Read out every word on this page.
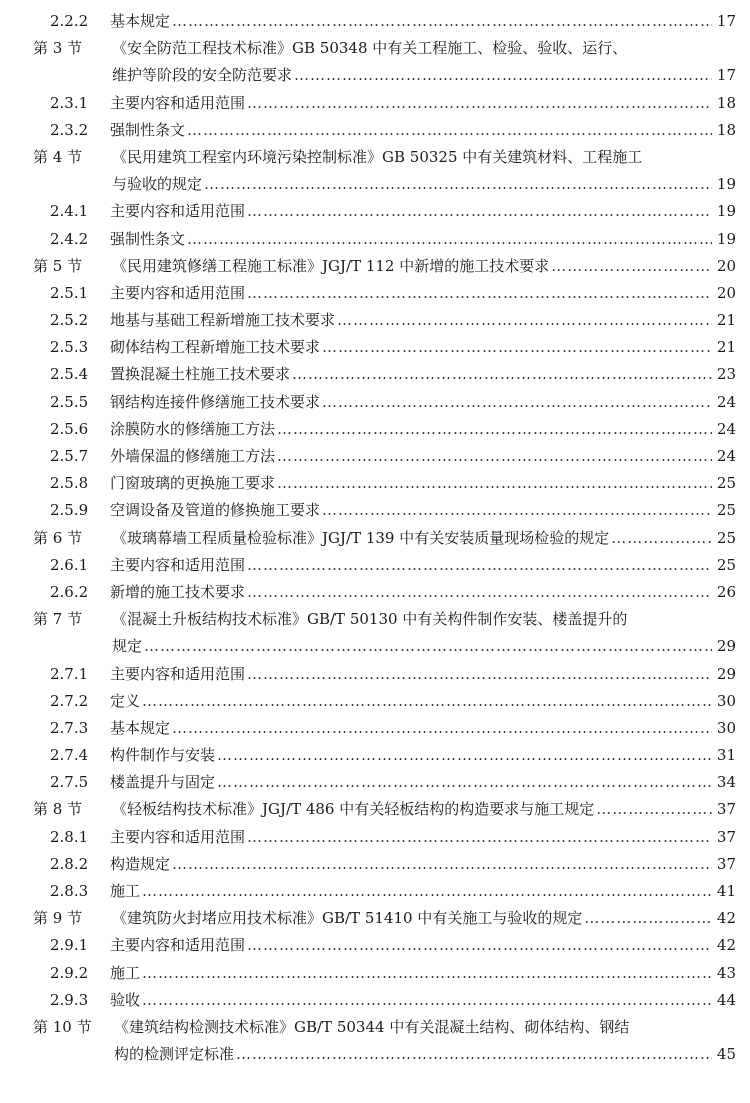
2.2.2 基本规定 ……………………………………………………………………………………………………………………………………………………………………………………………………	17
第 3 节 《安全防范工程技术标准》GB 50348 中有关工程施工、检验、验收、运行、
维护等阶段的安全防范要求 ……………………………………………………………………………………………………………………………………………………………………………………………………	17
2.3.1 主要内容和适用范围 ……………………………………………………………………………………………………………………………………………………………………………………………………	18
2.3.2 强制性条文 ……………………………………………………………………………………………………………………………………………………………………………………………………	18
第 4 节 《民用建筑工程室内环境污染控制标准》GB 50325 中有关建筑材料、工程施工
与验收的规定 ……………………………………………………………………………………………………………………………………………………………………………………………………	19
2.4.1 主要内容和适用范围 ……………………………………………………………………………………………………………………………………………………………………………………………………	19
2.4.2 强制性条文 ……………………………………………………………………………………………………………………………………………………………………………………………………	19
第 5 节 《民用建筑修缮工程施工标准》JGJ/T 112 中新增的施工技术要求 ……………………………………………………………………………………………………………………………………………………………………………………………………	20
2.5.1 主要内容和适用范围 ……………………………………………………………………………………………………………………………………………………………………………………………………	20
2.5.2 地基与基础工程新增施工技术要求 ……………………………………………………………………………………………………………………………………………………………………………………………………	21
2.5.3 砌体结构工程新增施工技术要求 ……………………………………………………………………………………………………………………………………………………………………………………………………	21
2.5.4 置换混凝土柱施工技术要求 ……………………………………………………………………………………………………………………………………………………………………………………………………	23
2.5.5 钢结构连接件修缮施工技术要求 ……………………………………………………………………………………………………………………………………………………………………………………………………	24
2.5.6 涂膜防水的修缮施工方法 ……………………………………………………………………………………………………………………………………………………………………………………………………	24
2.5.7 外墙保温的修缮施工方法 ……………………………………………………………………………………………………………………………………………………………………………………………………	24
2.5.8 门窗玻璃的更换施工要求 ……………………………………………………………………………………………………………………………………………………………………………………………………	25
2.5.9 空调设备及管道的修换施工要求 ……………………………………………………………………………………………………………………………………………………………………………………………………	25
第 6 节 《玻璃幕墙工程质量检验标准》JGJ/T 139 中有关安装质量现场检验的规定 ……………………………………………………………………………………………………………………………………………………………………………………………………	25
2.6.1 主要内容和适用范围 ……………………………………………………………………………………………………………………………………………………………………………………………………	25
2.6.2 新增的施工技术要求 ……………………………………………………………………………………………………………………………………………………………………………………………………	26
第 7 节 《混凝土升板结构技术标准》GB/T 50130 中有关构件制作安装、楼盖提升的
规定 ……………………………………………………………………………………………………………………………………………………………………………………………………	29
2.7.1 主要内容和适用范围 ……………………………………………………………………………………………………………………………………………………………………………………………………	29
2.7.2 定义 ……………………………………………………………………………………………………………………………………………………………………………………………………	30
2.7.3 基本规定 ……………………………………………………………………………………………………………………………………………………………………………………………………	30
2.7.4 构件制作与安装 ……………………………………………………………………………………………………………………………………………………………………………………………………	31
2.7.5 楼盖提升与固定 ……………………………………………………………………………………………………………………………………………………………………………………………………	34
第 8 节 《轻板结构技术标准》JGJ/T 486 中有关轻板结构的构造要求与施工规定 ……………………………………………………………………………………………………………………………………………………………………………………………………	37
2.8.1 主要内容和适用范围 ……………………………………………………………………………………………………………………………………………………………………………………………………	37
2.8.2 构造规定 ……………………………………………………………………………………………………………………………………………………………………………………………………	37
2.8.3 施工 ……………………………………………………………………………………………………………………………………………………………………………………………………	41
第 9 节 《建筑防火封堵应用技术标准》GB/T 51410 中有关施工与验收的规定 ……………………………………………………………………………………………………………………………………………………………………………………………………	42
2.9.1 主要内容和适用范围 ……………………………………………………………………………………………………………………………………………………………………………………………………	42
2.9.2 施工 ……………………………………………………………………………………………………………………………………………………………………………………………………	43
2.9.3 验收 ……………………………………………………………………………………………………………………………………………………………………………………………………	44
第 10 节 《建筑结构检测技术标准》GB/T 50344 中有关混凝土结构、砌体结构、钢结
构的检测评定标准 ……………………………………………………………………………………………………………………………………………………………………………………………………	45
